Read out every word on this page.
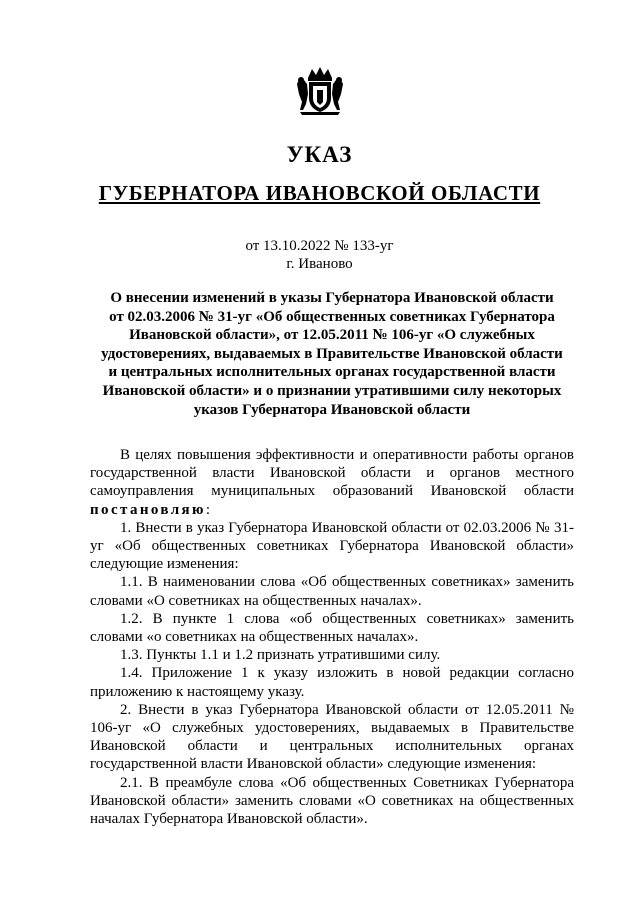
УКАЗ
ГУБЕРНАТОРА ИВАНОВСКОЙ ОБЛАСТИ
от 13.10.2022 № 133-уг
г. Иваново
О внесении изменений в указы Губернатора Ивановской области
от 02.03.2006 № 31-уг «Об общественных советниках Губернатора
Ивановской области», от 12.05.2011 № 106-уг «О служебных
удостоверениях, выдаваемых в Правительстве Ивановской области
и центральных исполнительных органах государственной власти
Ивановской области» и о признании утратившими силу некоторых
указов Губернатора Ивановской области

В целях повышения эффективности и оперативности работы органов государственной власти Ивановской области и органов местного самоуправления муниципальных образований Ивановской области постановляю:

1. Внести в указ Губернатора Ивановской области от 02.03.2006 № 31-уг «Об общественных советниках Губернатора Ивановской области» следующие изменения:

1.1. В наименовании слова «Об общественных советниках» заменить словами «О советниках на общественных началах».

1.2. В пункте 1 слова «об общественных советниках» заменить словами «о советниках на общественных началах».

1.3. Пункты 1.1 и 1.2 признать утратившими силу.

1.4. Приложение 1 к указу изложить в новой редакции согласно приложению к настоящему указу.

2. Внести в указ Губернатора Ивановской области от 12.05.2011 № 106-уг «О служебных удостоверениях, выдаваемых в Правительстве Ивановской области и центральных исполнительных органах государственной власти Ивановской области» следующие изменения:

2.1. В преамбуле слова «Об общественных Советниках Губернатора Ивановской области» заменить словами «О советниках на общественных началах Губернатора Ивановской области».
